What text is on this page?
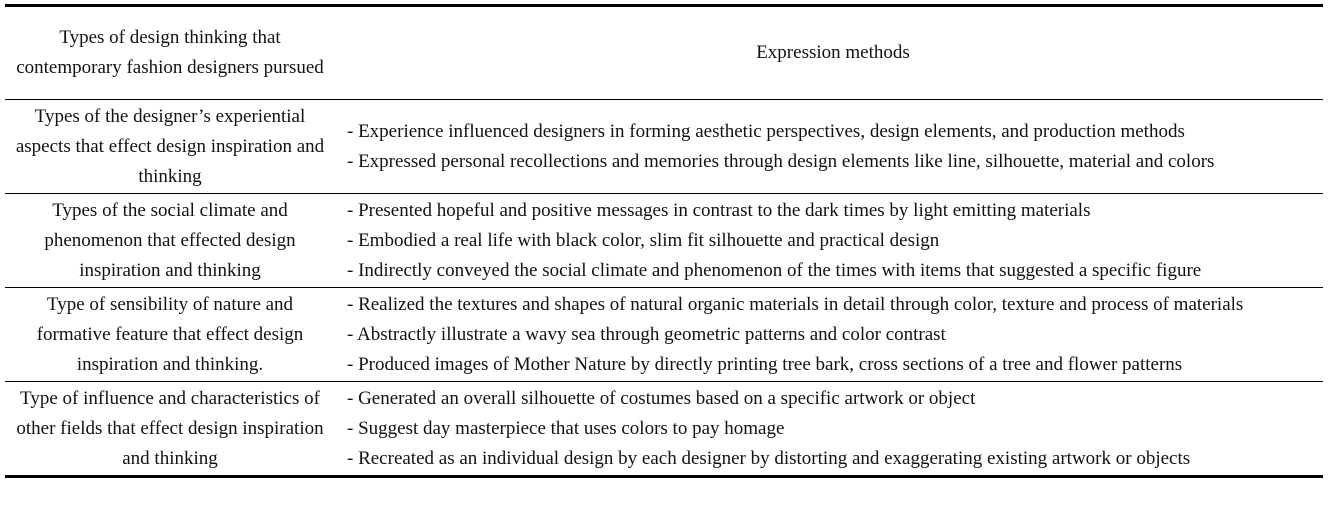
Types of design thinking that contemporary fashion designers pursued
Expression methods
Types of the designer’s experiential aspects that effect design inspiration and thinking
- Experience influenced designers in forming aesthetic perspectives, design elements, and production methods
- Expressed personal recollections and memories through design elements like line, silhouette, material and colors
Types of the social climate and phenomenon that effected design inspiration and thinking
- Presented hopeful and positive messages in contrast to the dark times by light emitting materials
- Embodied a real life with black color, slim fit silhouette and practical design
- Indirectly conveyed the social climate and phenomenon of the times with items that suggested a specific figure
Type of sensibility of nature and formative feature that effect design inspiration and thinking.
- Realized the textures and shapes of natural organic materials in detail through color, texture and process of materials
- Abstractly illustrate a wavy sea through geometric patterns and color contrast
- Produced images of Mother Nature by directly printing tree bark, cross sections of a tree and flower patterns
Type of influence and characteristics of other fields that effect design inspiration and thinking
- Generated an overall silhouette of costumes based on a specific artwork or object
- Suggest day masterpiece that uses colors to pay homage
- Recreated as an individual design by each designer by distorting and exaggerating existing artwork or objects
